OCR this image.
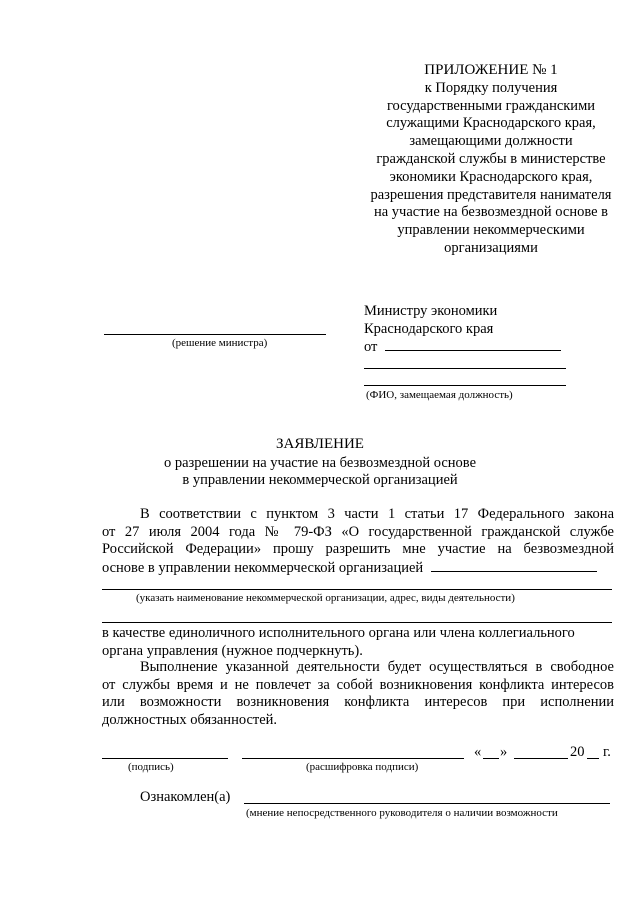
ПРИЛОЖЕНИЕ № 1
к Порядку получения
государственными гражданскими
служащими Краснодарского края,
замещающими должности
гражданской службы в министерстве
экономики Краснодарского края,
разрешения представителя нанимателя
на участие на безвозмездной основе в
управлении некоммерческими
организациями
(решение министра)
Министру экономики
Краснодарского края
от
(ФИО, замещаемая должность)
ЗАЯВЛЕНИЕ
о разрешении на участие на безвозмездной основе
в управлении некоммерческой организацией
В соответствии с пунктом 3 части 1 статьи 17 Федерального закона
от 27 июля 2004 года № 79-ФЗ «О государственной гражданской службе
Российской Федерации» прошу разрешить мне участие на безвозмездной
основе в управлении некоммерческой организацией
(указать наименование некоммерческой организации, адрес, виды деятельности)
в качестве единоличного исполнительного органа или члена коллегиального
органа управления (нужное подчеркнуть).
Выполнение указанной деятельности будет осуществляться в свободное
от службы время и не повлечет за собой возникновения конфликта интересов
или возможности возникновения конфликта интересов при исполнении
должностных обязанностей.
« »	20 г.
(подпись)	(расшифровка подписи)
Ознакомлен(а)
(мнение непосредственного руководителя о наличии возможности
